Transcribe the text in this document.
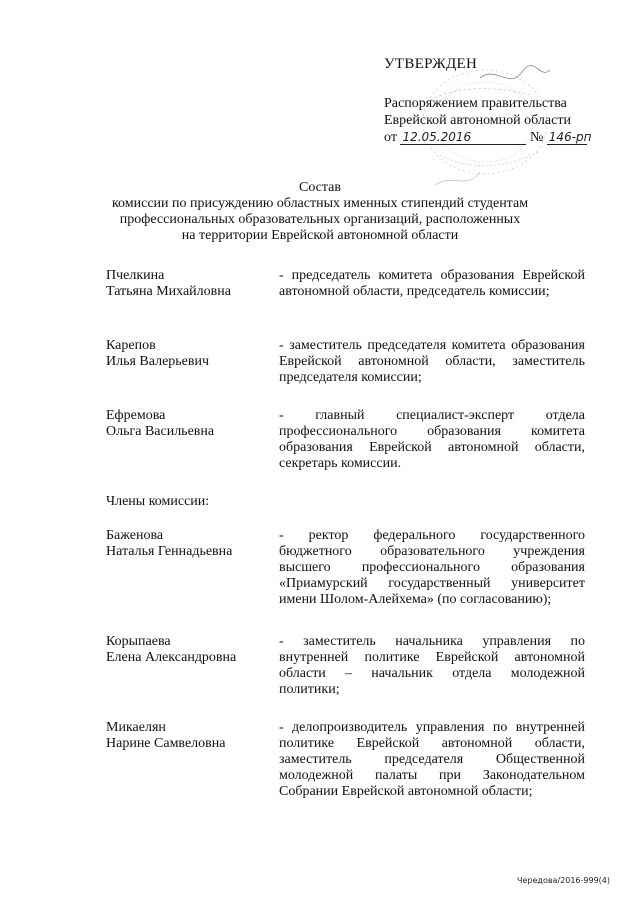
УТВЕРЖДЕН
Распоряжением правительства
Еврейской автономной области
от 12.05.2016	№ 146-рп
Состав
комиссии по присуждению областных именных стипендий студентам
профессиональных образовательных организаций, расположенных
на территории Еврейской автономной области
Пчелкина
Татьяна Михайловна
- председатель комитета образования Еврейской автономной области, председатель комиссии;
Карепов
Илья Валерьевич
- заместитель председателя комитета образования Еврейской автономной области, заместитель председателя комиссии;
Ефремова
Ольга Васильевна
- главный специалист-эксперт отдела профессионального образования комитета образования Еврейской автономной области, секретарь комиссии.
Члены комиссии:
Баженова
Наталья Геннадьевна
- ректор федерального государственного бюджетного образовательного учреждения высшего профессионального образования «Приамурский государственный университет имени Шолом-Алейхема» (по согласованию);
Корыпаева
Елена Александровна
- заместитель начальника управления по внутренней политике Еврейской автономной области – начальник отдела молодежной политики;
Микаелян
Нарине Самвеловна
- делопроизводитель управления по внутренней политике Еврейской автономной области, заместитель председателя Общественной молодежной палаты при Законодательном Собрании Еврейской автономной области;
Чередова/2016-999(4)
